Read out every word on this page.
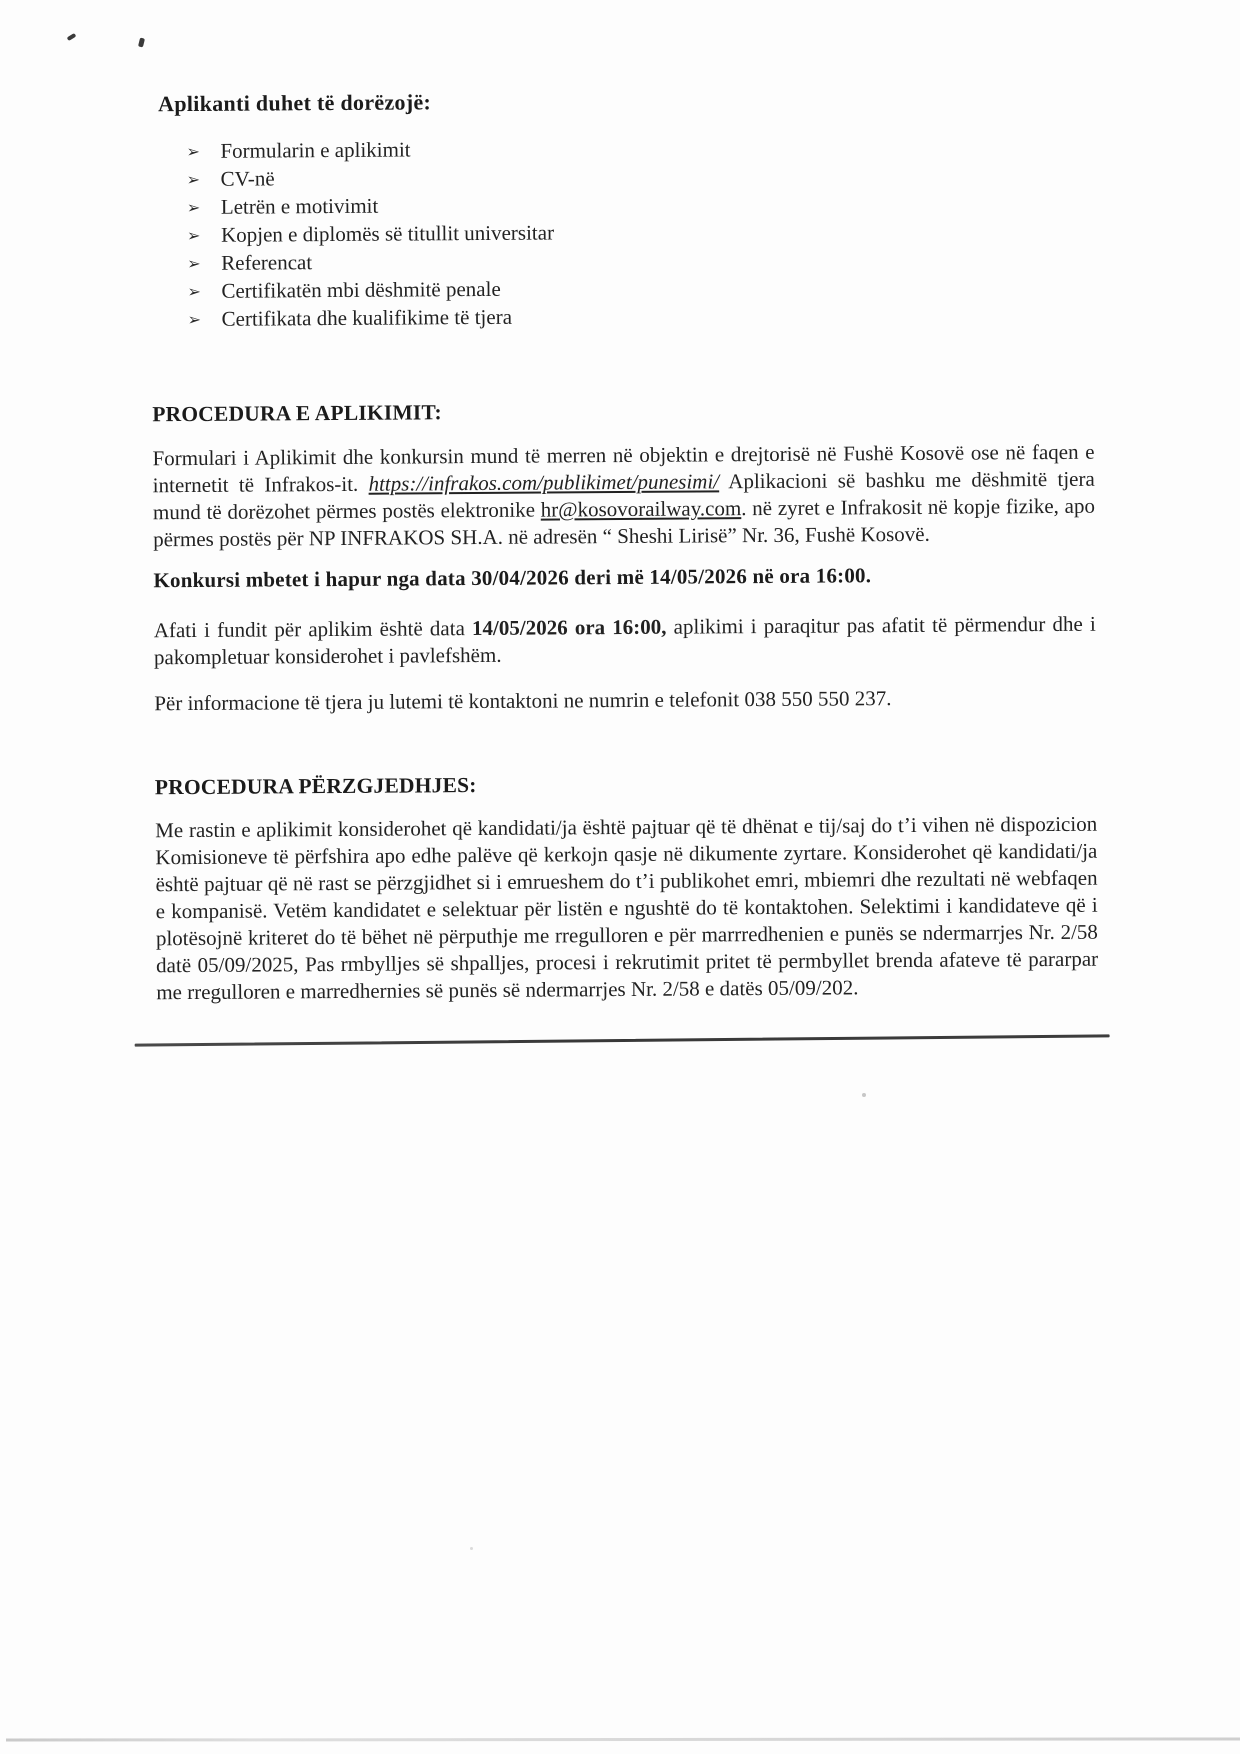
Aplikanti duhet të dorëzojë:
➢ Formularin e aplikimit
➢ CV-në
➢ Letrën e motivimit
➢ Kopjen e diplomës së titullit universitar
➢ Referencat
➢ Certifikatën mbi dëshmitë penale
➢ Certifikata dhe kualifikime të tjera
PROCEDURA E APLIKIMIT:

Formulari i Aplikimit dhe konkursin mund të merren në objektin e drejtorisë në Fushë Kosovë ose në faqen e internetit të Infrakos-it. https://infrakos.com/publikimet/punesimi/ Aplikacioni së bashku me dëshmitë tjera mund të dorëzohet përmes postës elektronike hr@kosovorailway.com. në zyret e Infrakosit në kopje fizike, apo përmes postës për NP INFRAKOS SH.A. në adresën “ Sheshi Lirisë” Nr. 36, Fushë Kosovë.

Konkursi mbetet i hapur nga data 30/04/2026 deri më 14/05/2026 në ora 16:00.

Afati i fundit për aplikim është data 14/05/2026 ora 16:00, aplikimi i paraqitur pas afatit të përmendur dhe i pakompletuar konsiderohet i pavlefshëm.

Për informacione të tjera ju lutemi të kontaktoni ne numrin e telefonit 038 550 550 237.

PROCEDURA PËRZGJEDHJES:

Me rastin e aplikimit konsiderohet që kandidati/ja është pajtuar që të dhënat e tij/saj do t’i vihen në dispozicion Komisioneve të përfshira apo edhe palëve që kerkojn qasje në dikumente zyrtare. Konsiderohet që kandidati/ja është pajtuar që në rast se përzgjidhet si i emrueshem do t’i publikohet emri, mbiemri dhe rezultati në webfaqen e kompanisë. Vetëm kandidatet e selektuar për listën e ngushtë do të kontaktohen. Selektimi i kandidateve që i plotësojnë kriteret do të bëhet në përputhje me rregulloren e për marrredhenien e punës se ndermarrjes Nr. 2/58 datë 05/09/2025, Pas rmbylljes së shpalljes, procesi i rekrutimit pritet të permbyllet brenda afateve të pararpar me rregulloren e marredhernies së punës së ndermarrjes Nr. 2/58 e datës 05/09/202.
